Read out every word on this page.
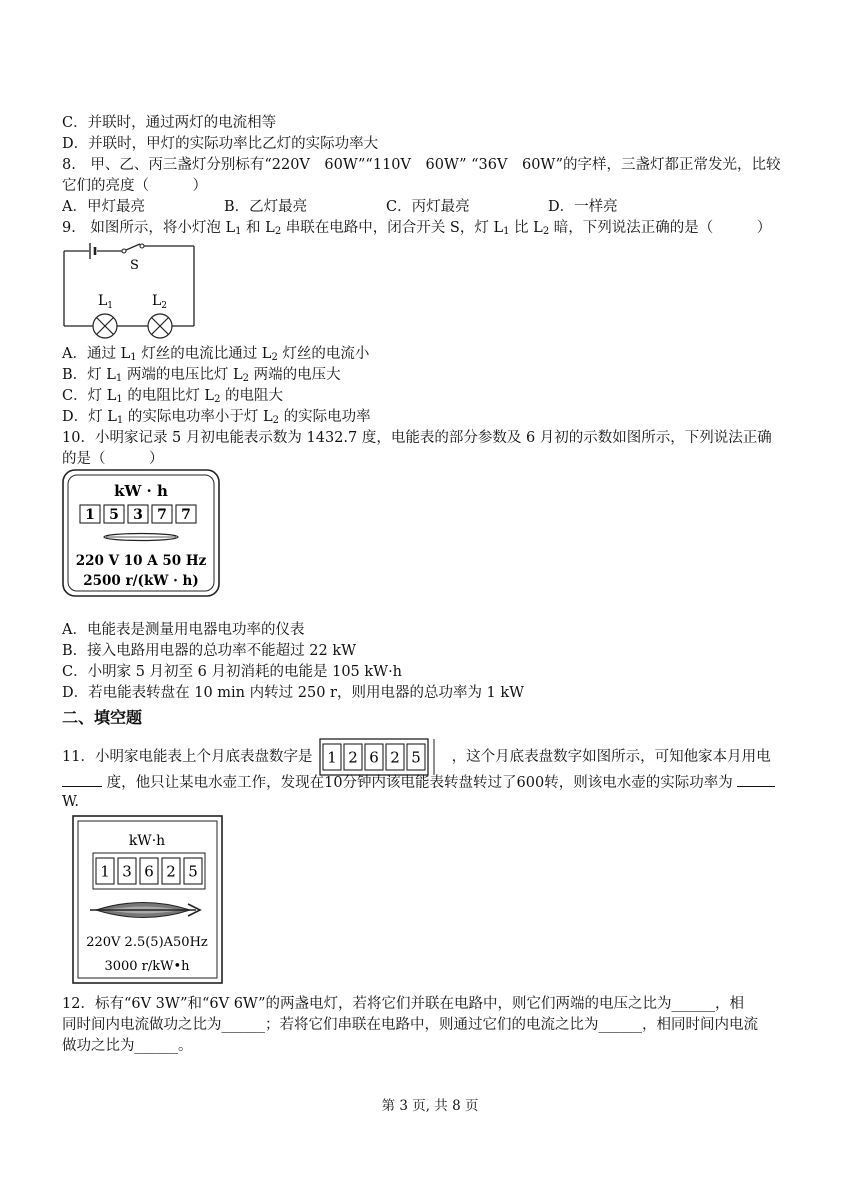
C．并联时，通过两灯的电流相等
D．并联时，甲灯的实际功率比乙灯的实际功率大
8.　甲、乙、丙三盏灯分别标有“220V　60W”“110V　60W” “36V　60W”的字样，三盏灯都正常发光，比较
它们的亮度（　　　）
A．甲灯最亮	B．乙灯最亮	C．丙灯最亮	D．一样亮
9.　如图所示，将小灯泡 $L_1$ 和 $L_2$ 串联在电路中，闭合开关 S，灯 $L_1$ 比 $L_2$ 暗，下列说法正确的是（　　　）
S
$L_1$	$L_2$
A．通过 $L_1$ 灯丝的电流比通过 $L_2$ 灯丝的电流小
B．灯 $L_1$ 两端的电压比灯 $L_2$ 两端的电压大
C．灯 $L_1$ 的电阻比灯 $L_2$ 的电阻大
D．灯 $L_1$ 的实际电功率小于灯 $L_2$ 的实际电功率
10．小明家记录 5 月初电能表示数为 1432.7 度，电能表的部分参数及 6 月初的示数如图所示，下列说法正确
的是（　　　）
kW · h
1 5 3 7 7
220 V 10 A 50 Hz
2500 r/(kW · h)
A．电能表是测量用电器电功率的仪表
B．接入电路用电器的总功率不能超过 22 kW
C．小明家 5 月初至 6 月初消耗的电能是 105 kW·h
D．若电能表转盘在 10 min 内转过 250 r，则用电器的总功率为 1 kW
二、填空题
11．小明家电能表上个月底表盘数字是 1 2 6 2 5 ，这个月底表盘数字如图所示，可知他家本月用电
度，他只让某电水壶工作，发现在10分钟内该电能表转盘转过了600转，则该电水壶的实际功率为
W.
kW·h
1 3 6 2 5
220V 2.5(5)A50Hz
3000 r/kW•h
12．标有“6V 3W”和“6V 6W”的两盏电灯，若将它们并联在电路中，则它们两端的电压之比为______，相
同时间内电流做功之比为______；若将它们串联在电路中，则通过它们的电流之比为______，相同时间内电流
做功之比为______。
第 3 页, 共 8 页
